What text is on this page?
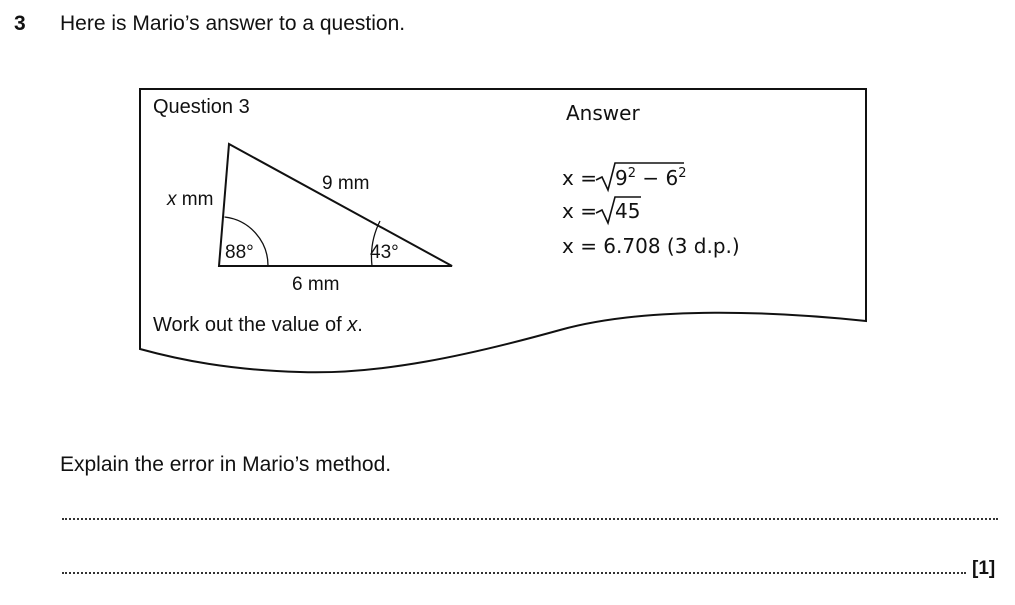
3 Here is Mario’s answer to a question.
Question 3
x mm
9 mm
6 mm
88°	43°
Work out the value of x.
Answer
$x = 9^2 - 6^2$
x = 45
x = 6.708 (3 d.p.)
Explain the error in Mario’s method.
[1]
